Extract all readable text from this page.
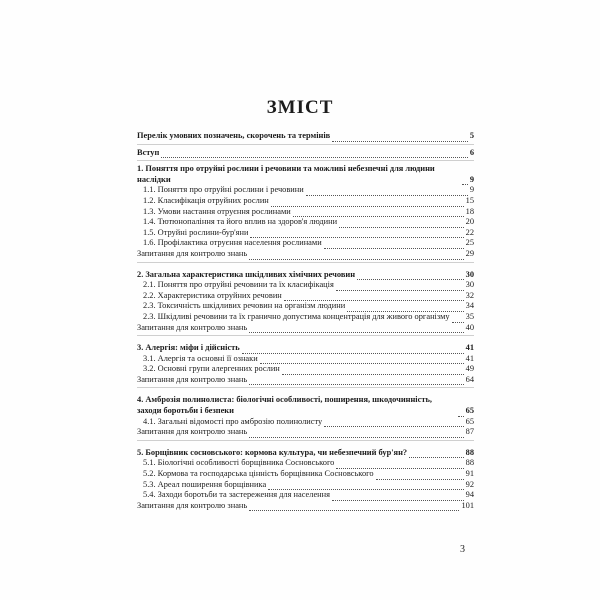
ЗМІСТ
Перелік умовних позначень, скорочень та термінів	5
Вступ	6
1. Поняття про отруйні рослини і речовини та можливі небезпечні для людини наслідки	9
1.1. Поняття про отруйні рослини і речовини	9
1.2. Класифікація отруйних рослин	15
1.3. Умови настання отруєння рослинами	18
1.4. Тютюнопаління та його вплив на здоров'я людини	20
1.5. Отруйні рослини-бур'яни	22
1.6. Профілактика отруєння населення рослинами	25
Запитання для контролю знань	29
2. Загальна характеристика шкідливих хімічних речовин	30
2.1. Поняття про отруйні речовини та їх класифікація	30
2.2. Характеристика отруйних речовин	32
2.3. Токсичність шкідливих речовин на організм людини	34
2.3. Шкідливі речовини та їх гранично допустима концентрація для живого організму 35
Запитання для контролю знань	40
3. Алергія: міфи і дійсність	41
3.1. Алергія та основні її ознаки	41
3.2. Основні групи алергенних рослин	49
Запитання для контролю знань	64
4. Амброзія полинолиста: біологічні особливості, поширення, шкодочинність, заходи боротьби і безпеки	65
4.1. Загальні відомості про амброзію полинолисту	65
Запитання для контролю знань	87
5. Борщівник сосновського: кормова культура, чи небезпечний бур'ян?	88
5.1. Біологічні особливості борщівника Сосновського	88
5.2. Кормова та господарська цінність борщівника Сосновського	91
5.3. Ареал поширення борщівника	92
5.4. Заходи боротьби та застереження для населення	94
Запитання для контролю знань	101
3
